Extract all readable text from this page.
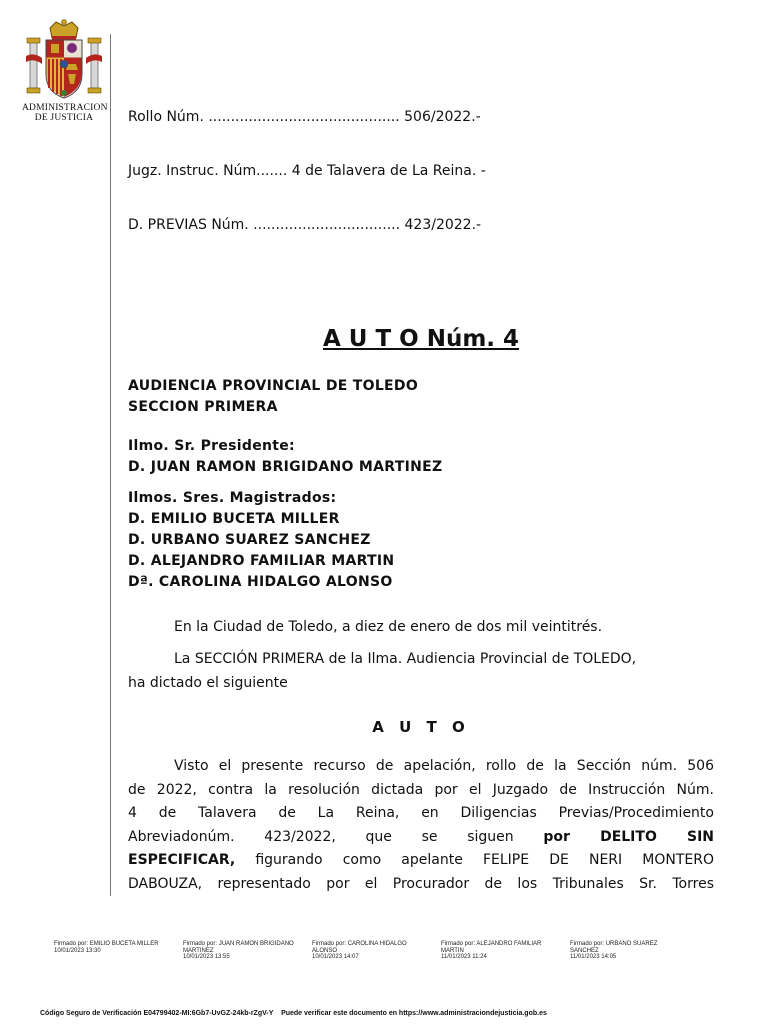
ADMINISTRACION
DE JUSTICIA

	Rollo Núm. ........................................... 506/2022.-

Jugz. Instruc. Núm....... 4 de Talavera de La Reina. -

D. PREVIAS Núm. ................................. 423/2022.-

A U T O Núm. 4
AUDIENCIA PROVINCIAL DE TOLEDO
SECCION PRIMERA
Ilmo. Sr. Presidente:
D. JUAN RAMON BRIGIDANO MARTINEZ
Ilmos. Sres. Magistrados:
D. EMILIO BUCETA MILLER
D. URBANO SUAREZ SANCHEZ
D. ALEJANDRO FAMILIAR MARTIN
Dª. CAROLINA HIDALGO ALONSO
En la Ciudad de Toledo, a diez de enero de dos mil veintitrés.
La SECCIÓN PRIMERA de la Ilma. Audiencia Provincial de TOLEDO,
ha dictado el siguiente
A U T O
Visto el presente recurso de apelación, rollo de la Sección núm. 506
de 2022, contra la resolución dictada por el Juzgado de Instrucción Núm.
4 de Talavera de La Reina, en Diligencias Previas/Procedimiento
Abreviadonúm. 423/2022, que se siguen por DELITO SIN
ESPECIFICAR, figurando como apelante FELIPE DE NERI MONTERO
DABOUZA, representado por el Procurador de los Tribunales Sr. Torres
Firmado por: EMILIO BUCETA MILLER
10/01/2023 13:30
Firmado por: JUAN RAMON BRIGIDANO
MARTINEZ
10/01/2023 13:55
Firmado por: CAROLINA HIDALGO
ALONSO
10/01/2023 14:07
Firmado por: ALEJANDRO FAMILIAR
MARTIN
11/01/2023 11:24
Firmado por: URBANO SUAREZ
SANCHEZ
11/01/2023 14:05
Código Seguro de Verificación E04799402-MI:6Gb7-UvGZ-24kb-rZgV-Y Puede verificar este documento en https://www.administraciondejusticia.gob.es
